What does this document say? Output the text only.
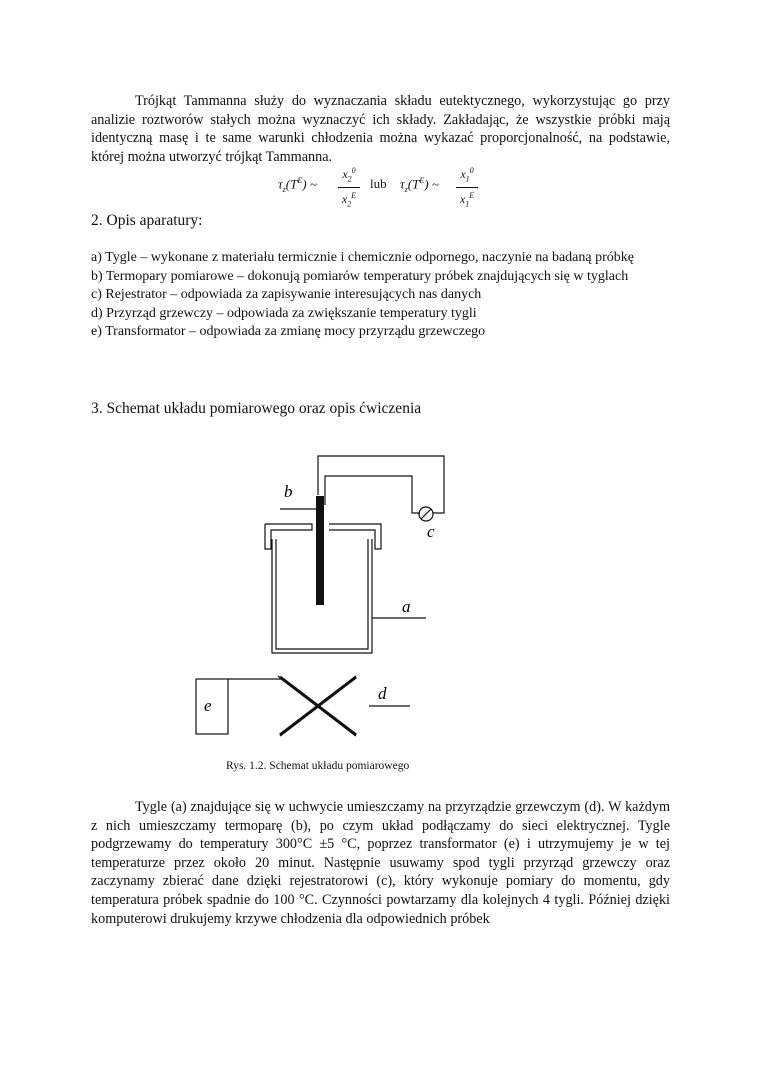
Trójkąt Tammanna służy do wyznaczania składu eutektycznego, wykorzystując go przy analizie roztworów stałych można wyznaczyć ich składy. Zakładając, że wszystkie próbki mają identyczną masę i te same warunki chłodzenia można wykazać proporcjonalność, na podstawie, której można utworzyć trójkąt Tammanna.

$\tau_z(T^E)$ ~
$x_2^0$
$x_2^E$
lub $\tau_z(T^E)$ ~
$x_1^0$
$x_1^E$
2. Opis aparatury:
a) Tygle – wykonane z materiału termicznie i chemicznie odpornego, naczynie na badaną próbkę
b) Termopary pomiarowe – dokonują pomiarów temperatury próbek znajdujących się w tyglach
c) Rejestrator – odpowiada za zapisywanie interesujących nas danych
d) Przyrząd grzewczy – odpowiada za zwiększanie temperatury tygli
e) Transformator – odpowiada za zmianę mocy przyrządu grzewczego
3. Schemat układu pomiarowego oraz opis ćwiczenia
b
c
a
d
e
Rys. 1.2. Schemat układu pomiarowego

Tygle (a) znajdujące się w uchwycie umieszczamy na przyrządzie grzewczym (d). W każdym z nich umieszczamy termoparę (b), po czym układ podłączamy do sieci elektrycznej. Tygle podgrzewamy do temperatury 300°C ±5 °C, poprzez transformator (e) i utrzymujemy je w tej temperaturze przez około 20 minut. Następnie usuwamy spod tygli przyrząd grzewczy oraz zaczynamy zbierać dane dzięki rejestratorowi (c), który wykonuje pomiary do momentu, gdy temperatura próbek spadnie do 100 °C. Czynności powtarzamy dla kolejnych 4 tygli. Później dzięki komputerowi drukujemy krzywe chłodzenia dla odpowiednich próbek
